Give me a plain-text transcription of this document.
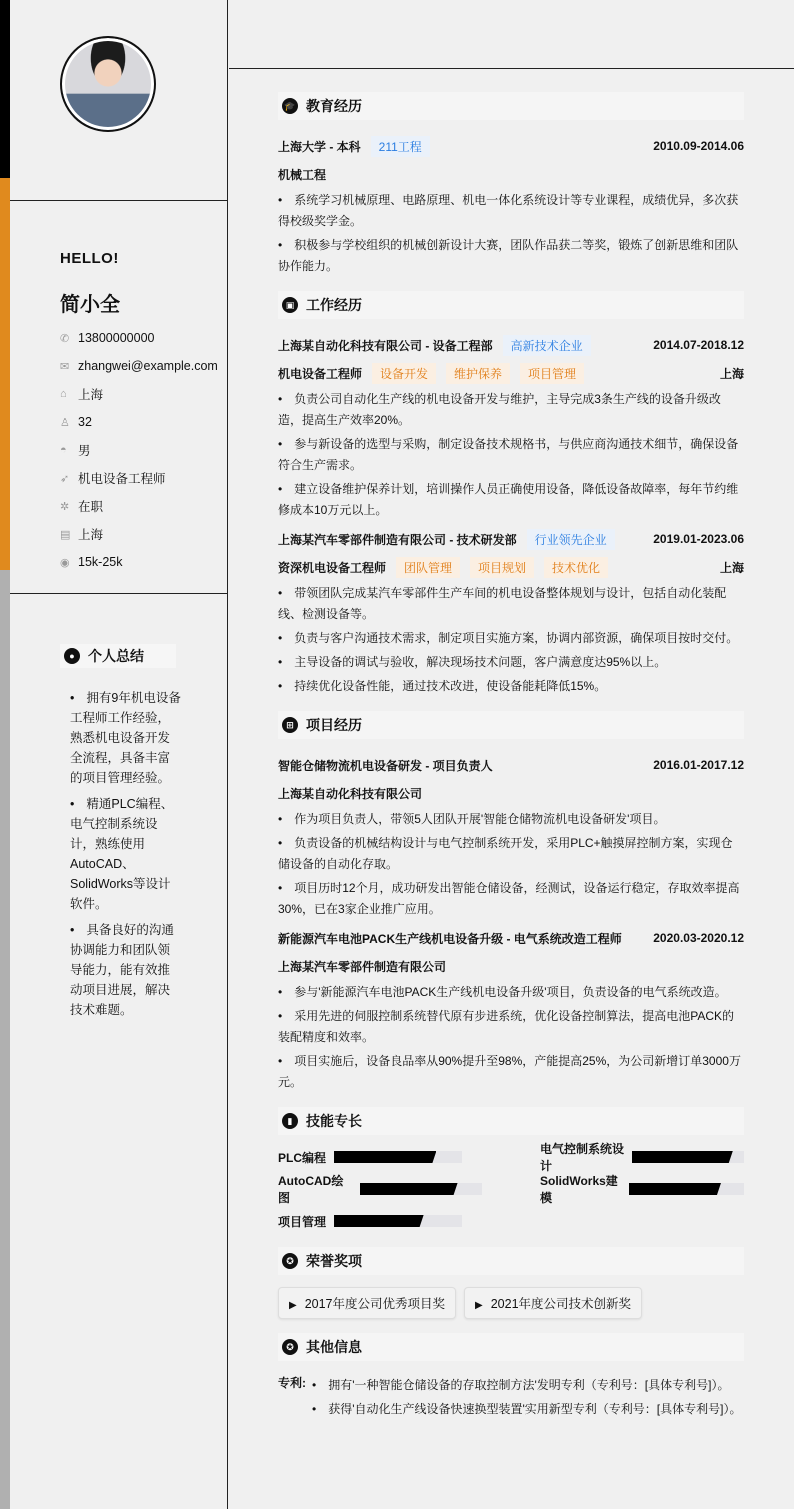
HELLO!
简小全
✆ 13800000000
✉ zhangwei@example.com
⌂ 上海
♙ 32
◓ 男
➶ 机电设备工程师
✲ 在职
▤ 上海
◉ 15k-25k
● 个人总结
• 拥有9年机电设备工程师工作经验，熟悉机电设备开发全流程，具备丰富的项目管理经验。
• 精通PLC编程、电气控制系统设计，熟练使用AutoCAD、SolidWorks等设计软件。
• 具备良好的沟通协调能力和团队领导能力，能有效推动项目进展，解决技术难题。
🎓 教育经历
上海大学 - 本科	211工程	2010.09-2014.06
机械工程
• 系统学习机械原理、电路原理、机电一体化系统设计等专业课程，成绩优异，多次获得校级奖学金。
• 积极参与学校组织的机械创新设计大赛，团队作品获二等奖，锻炼了创新思维和团队协作能力。
▣ 工作经历
上海某自动化科技有限公司 - 设备工程部	高新技术企业	2014.07-2018.12
机电设备工程师	设备开发	维护保养	项目管理	上海
• 负责公司自动化生产线的机电设备开发与维护，主导完成3条生产线的设备升级改造，提高生产效率20%。
• 参与新设备的选型与采购，制定设备技术规格书，与供应商沟通技术细节，确保设备符合生产需求。
• 建立设备维护保养计划，培训操作人员正确使用设备，降低设备故障率，每年节约维修成本10万元以上。
上海某汽车零部件制造有限公司 - 技术研发部	行业领先企业	2019.01-2023.06
资深机电设备工程师	团队管理	项目规划	技术优化	上海
• 带领团队完成某汽车零部件生产车间的机电设备整体规划与设计，包括自动化装配线、检测设备等。
• 负责与客户沟通技术需求，制定项目实施方案，协调内部资源，确保项目按时交付。
• 主导设备的调试与验收，解决现场技术问题，客户满意度达95%以上。
• 持续优化设备性能，通过技术改进，使设备能耗降低15%。
⊞ 项目经历
智能仓储物流机电设备研发 - 项目负责人	2016.01-2017.12
上海某自动化科技有限公司
• 作为项目负责人，带领5人团队开展'智能仓储物流机电设备研发'项目。
• 负责设备的机械结构设计与电气控制系统开发，采用PLC+触摸屏控制方案，实现仓储设备的自动化存取。
• 项目历时12个月，成功研发出智能仓储设备，经测试，设备运行稳定，存取效率提高30%，已在3家企业推广应用。
新能源汽车电池PACK生产线机电设备升级 - 电气系统改造工程师	2020.03-2020.12
上海某汽车零部件制造有限公司
• 参与'新能源汽车电池PACK生产线机电设备升级'项目，负责设备的电气系统改造。
• 采用先进的伺服控制系统替代原有步进系统，优化设备控制算法，提高电池PACK的装配精度和效率。
• 项目实施后，设备良品率从90%提升至98%，产能提高25%，为公司新增订单3000万元。
▮ 技能专长
PLC编程
电气控制系统设计
AutoCAD绘图
SolidWorks建模
项目管理
✪ 荣誉奖项
▶ 2017年度公司优秀项目奖	▶ 2021年度公司技术创新奖
✪ 其他信息
专利:	• 拥有'一种智能仓储设备的存取控制方法'发明专利（专利号：[具体专利号]）。
• 获得'自动化生产线设备快速换型装置'实用新型专利（专利号：[具体专利号]）。
